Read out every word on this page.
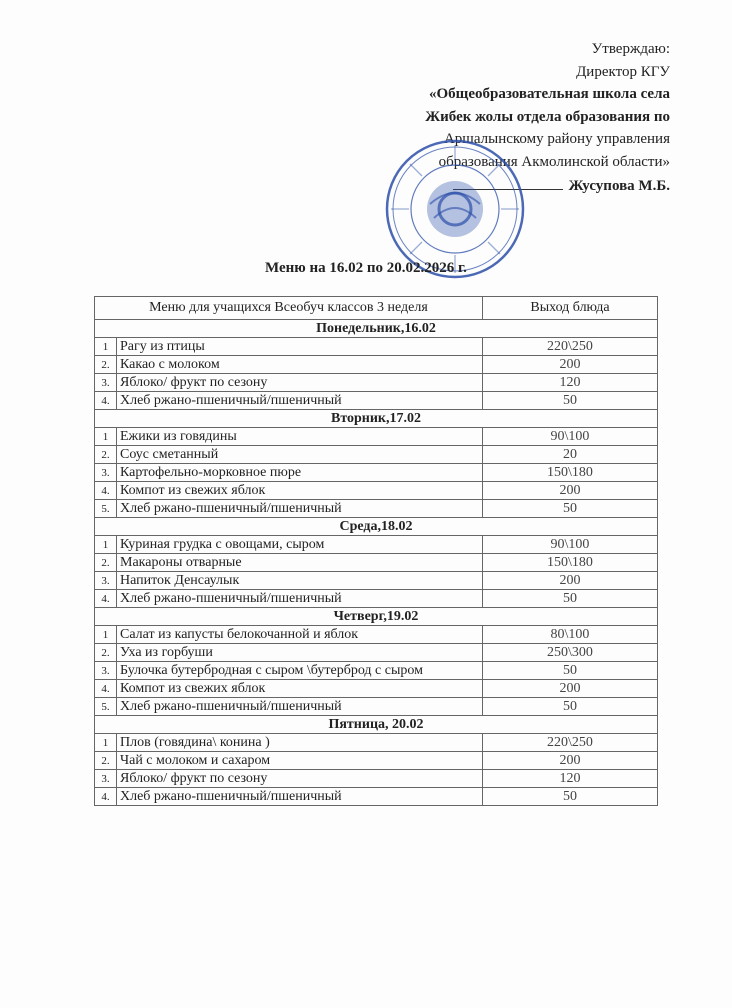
Утверждаю:
Директор КГУ
«Общеобразовательная школа села
Жибек жолы отдела образования по
Аршалынскому району управления
образования Акмолинской области»
Жусупова М.Б.
Меню на 16.02 по 20.02.2026 г.
Меню для учащихся Всеобуч классов 3 неделя		Выход блюда
Понедельник,16.02		
1	Рагу из птицы	220\250
2.	Какао с молоком	200
3.	Яблоко/ фрукт по сезону	120
4.	Хлеб ржано-пшеничный/пшеничный	50
Вторник,17.02		
1	Ежики из говядины	90\100
2.	Соус сметанный	20
3.	Картофельно-морковное пюре	150\180
4.	Компот из свежих яблок	200
5.	Хлеб ржано-пшеничный/пшеничный	50
Среда,18.02		
1	Куриная грудка с овощами, сыром	90\100
2.	Макароны отварные	150\180
3.	Напиток Денсаулык	200
4.	Хлеб ржано-пшеничный/пшеничный	50
Четверг,19.02		
1	Салат из капусты белокочанной и яблок	80\100
2.	Уха из горбуши	250\300
3.	Булочка бутербродная с сыром \бутерброд с сыром	50
4.	Компот из свежих яблок	200
5.	Хлеб ржано-пшеничный/пшеничный	50
Пятница, 20.02		
1	Плов (говядина\ конина )	220\250
2.	Чай с молоком и сахаром	200
3.	Яблоко/ фрукт по сезону	120
4.	Хлеб ржано-пшеничный/пшеничный	50
